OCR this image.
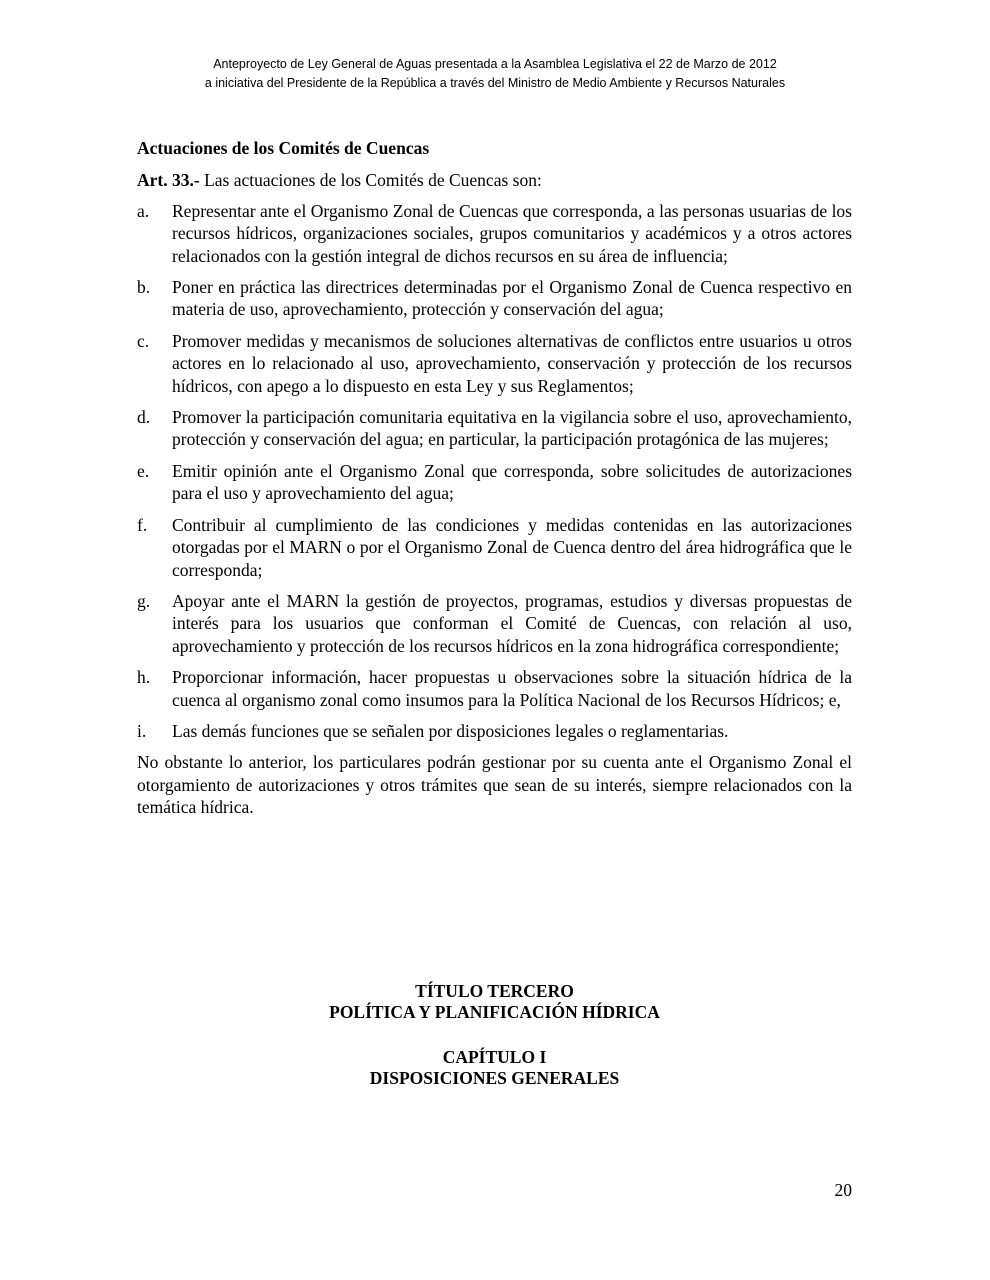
Anteproyecto de Ley General de Aguas presentada a la Asamblea Legislativa el 22 de Marzo de 2012
a iniciativa del Presidente de la República a través del Ministro de Medio Ambiente y Recursos Naturales
Actuaciones de los Comités de Cuencas
Art. 33.- Las actuaciones de los Comités de Cuencas son:
a.	Representar ante el Organismo Zonal de Cuencas que corresponda, a las personas usuarias de los recursos hídricos, organizaciones sociales, grupos comunitarios y académicos y a otros actores relacionados con la gestión integral de dichos recursos en su área de influencia;
b.	Poner en práctica las directrices determinadas por el Organismo Zonal de Cuenca respectivo en materia de uso, aprovechamiento, protección y conservación del agua;
c.	Promover medidas y mecanismos de soluciones alternativas de conflictos entre usuarios u otros actores en lo relacionado al uso, aprovechamiento, conservación y protección de los recursos hídricos, con apego a lo dispuesto en esta Ley y sus Reglamentos;
d.	Promover la participación comunitaria equitativa en la vigilancia sobre el uso, aprovechamiento, protección y conservación del agua; en particular, la participación protagónica de las mujeres;
e.	Emitir opinión ante el Organismo Zonal que corresponda, sobre solicitudes de autorizaciones para el uso y aprovechamiento del agua;
f.	Contribuir al cumplimiento de las condiciones y medidas contenidas en las autorizaciones otorgadas por el MARN o por el Organismo Zonal de Cuenca dentro del área hidrográfica que le corresponda;
g.	Apoyar ante el MARN la gestión de proyectos, programas, estudios y diversas propuestas de interés para los usuarios que conforman el Comité de Cuencas, con relación al uso, aprovechamiento y protección de los recursos hídricos en la zona hidrográfica correspondiente;
h.	Proporcionar información, hacer propuestas u observaciones sobre la situación hídrica de la cuenca al organismo zonal como insumos para la Política Nacional de los Recursos Hídricos; e,
i.	Las demás funciones que se señalen por disposiciones legales o reglamentarias.

No obstante lo anterior, los particulares podrán gestionar por su cuenta ante el Organismo Zonal el otorgamiento de autorizaciones y otros trámites que sean de su interés, siempre relacionados con la temática hídrica.

TÍTULO TERCERO
POLÍTICA Y PLANIFICACIÓN HÍDRICA
CAPÍTULO I
DISPOSICIONES GENERALES
20
